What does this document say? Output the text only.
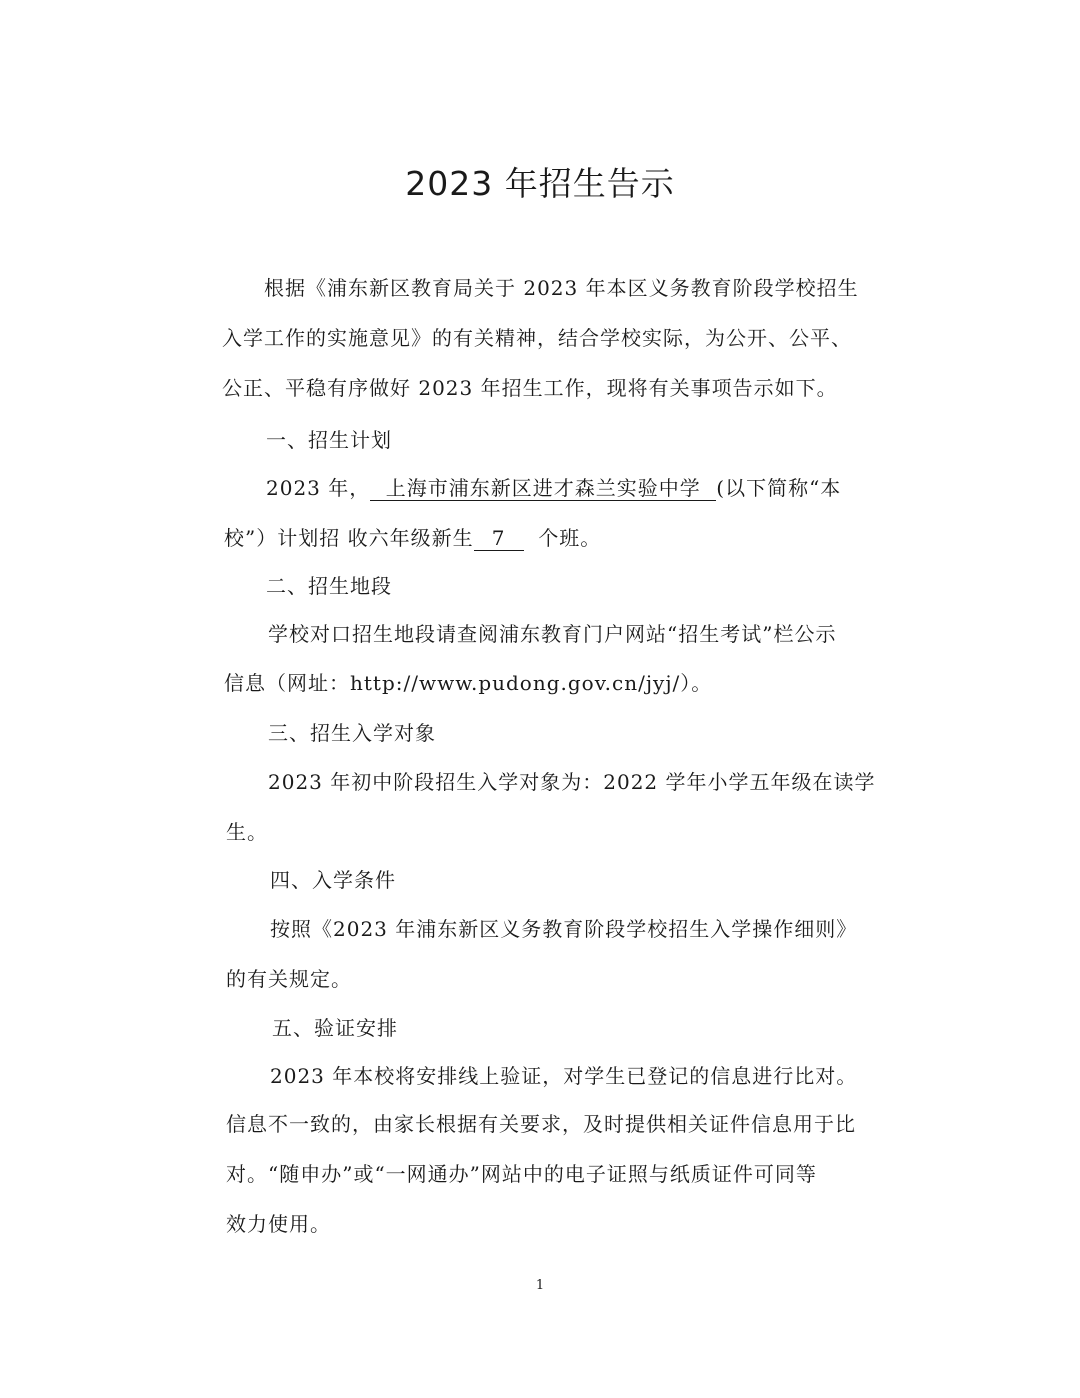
2023 年招生告示
根据《浦东新区教育局关于 2023 年本区义务教育阶段学校招生
入学工作的实施意见》的有关精神，结合学校实际，为公开、公平、
公正、平稳有序做好 2023 年招生工作，现将有关事项告示如下。
一、招生计划
2023 年， 上海市浦东新区进才森兰实验中学 (以下简称“本
校”）计划招 收六年级新生 7 个班。
二、招生地段
学校对口招生地段请查阅浦东教育门户网站“招生考试”栏公示
信息（网址：http://www.pudong.gov.cn/jyj/）。
三、招生入学对象
2023 年初中阶段招生入学对象为：2022 学年小学五年级在读学
生。
四、入学条件
按照《2023 年浦东新区义务教育阶段学校招生入学操作细则》
的有关规定。
五、验证安排
2023 年本校将安排线上验证，对学生已登记的信息进行比对。
信息不一致的，由家长根据有关要求，及时提供相关证件信息用于比
对。“随申办”或“一网通办”网站中的电子证照与纸质证件可同等
效力使用。
1
